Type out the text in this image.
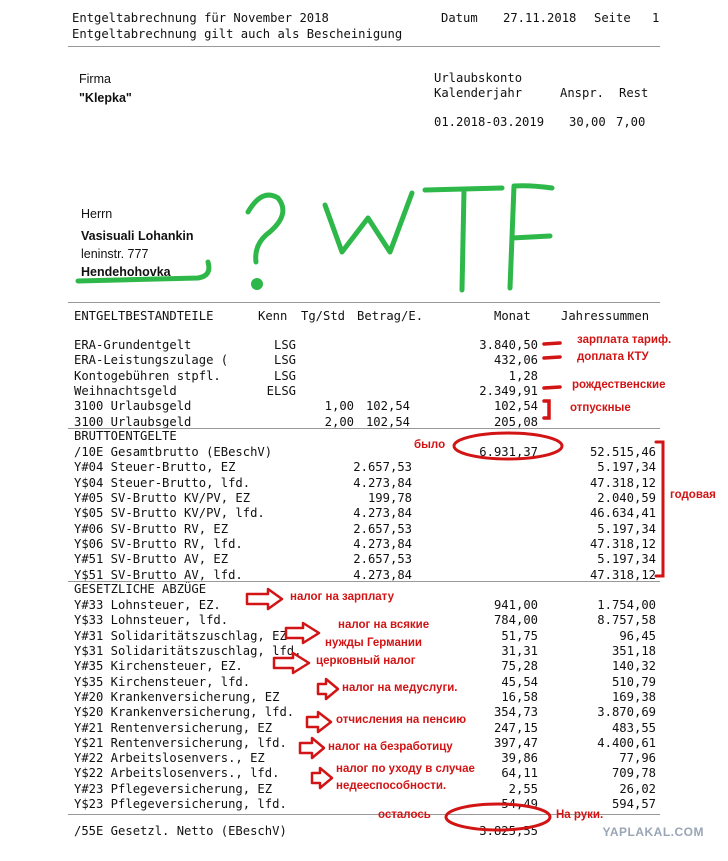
Entgeltabrechnung für November 2018
Entgeltabrechnung gilt auch als Bescheinigung
Datum 27.11.2018 Seite 1
Firma
"Klepka"
Urlaubskonto
Kalenderjahr	Anspr. Rest
01.2018-03.2019 30,00 7,00
Herrn
Vasisuali Lohankin
leninstr. 777
Hendehohovka
ENTGELTBESTANDTEILE	Kenn Tg/Std Betrag/E.	Monat Jahressummen
ERA-Grundentgelt	LSG	3.840,50
ERA-Leistungszulage (	LSG	432,06
Kontogebühren stpfl.	LSG	1,28
Weihnachtsgeld	ELSG	2.349,91
3100 Urlaubsgeld	1,00 102,54	102,54
3100 Urlaubsgeld	2,00 102,54	205,08
BRUTTOENTGELTE
/10E Gesamtbrutto (EBeschV)	6.931,37	52.515,46
Y#04 Steuer-Brutto, EZ	2.657,53	5.197,34
Y$04 Steuer-Brutto, lfd.	4.273,84	47.318,12
Y#05 SV-Brutto KV/PV, EZ	199,78	2.040,59
Y$05 SV-Brutto KV/PV, lfd.	4.273,84	46.634,41
Y#06 SV-Brutto RV, EZ	2.657,53	5.197,34
Y$06 SV-Brutto RV, lfd.	4.273,84	47.318,12
Y#51 SV-Brutto AV, EZ	2.657,53	5.197,34
Y$51 SV-Brutto AV, lfd.	4.273,84	47.318,12
GESETZLICHE ABZÜGE
Y#33 Lohnsteuer, EZ.	941,00	1.754,00
Y$33 Lohnsteuer, lfd.	784,00	8.757,58
Y#31 Solidaritätszuschlag, EZ	51,75	96,45
Y$31 Solidaritätszuschlag, lfd.	31,31	351,18
Y#35 Kirchensteuer, EZ.	75,28	140,32
Y$35 Kirchensteuer, lfd.	45,54	510,79
Y#20 Krankenversicherung, EZ	16,58	169,38
Y$20 Krankenversicherung, lfd.	354,73	3.870,69
Y#21 Rentenversicherung, EZ	247,15	483,55
Y$21 Rentenversicherung, lfd.	397,47	4.400,61
Y#22 Arbeitslosenvers., EZ	39,86	77,96
Y$22 Arbeitslosenvers., lfd.	64,11	709,78
Y#23 Pflegeversicherung, EZ	2,55	26,02
Y$23 Pflegeversicherung, lfd.	54,49	594,57
/55E Gesetzl. Netto (EBeschV)	3.825,55
зарплата тариф.
доплата КТУ
рождественские
отпускные
было
годовая
налог на зарплату
налог на всякие
нужды Германии
церковный налог
налог на медуслуги.
отчисления на пенсию
налог на безработицу
налог по уходу в случае
недееспособности.
осталось	На руки.
YAPLAKAL.COM
